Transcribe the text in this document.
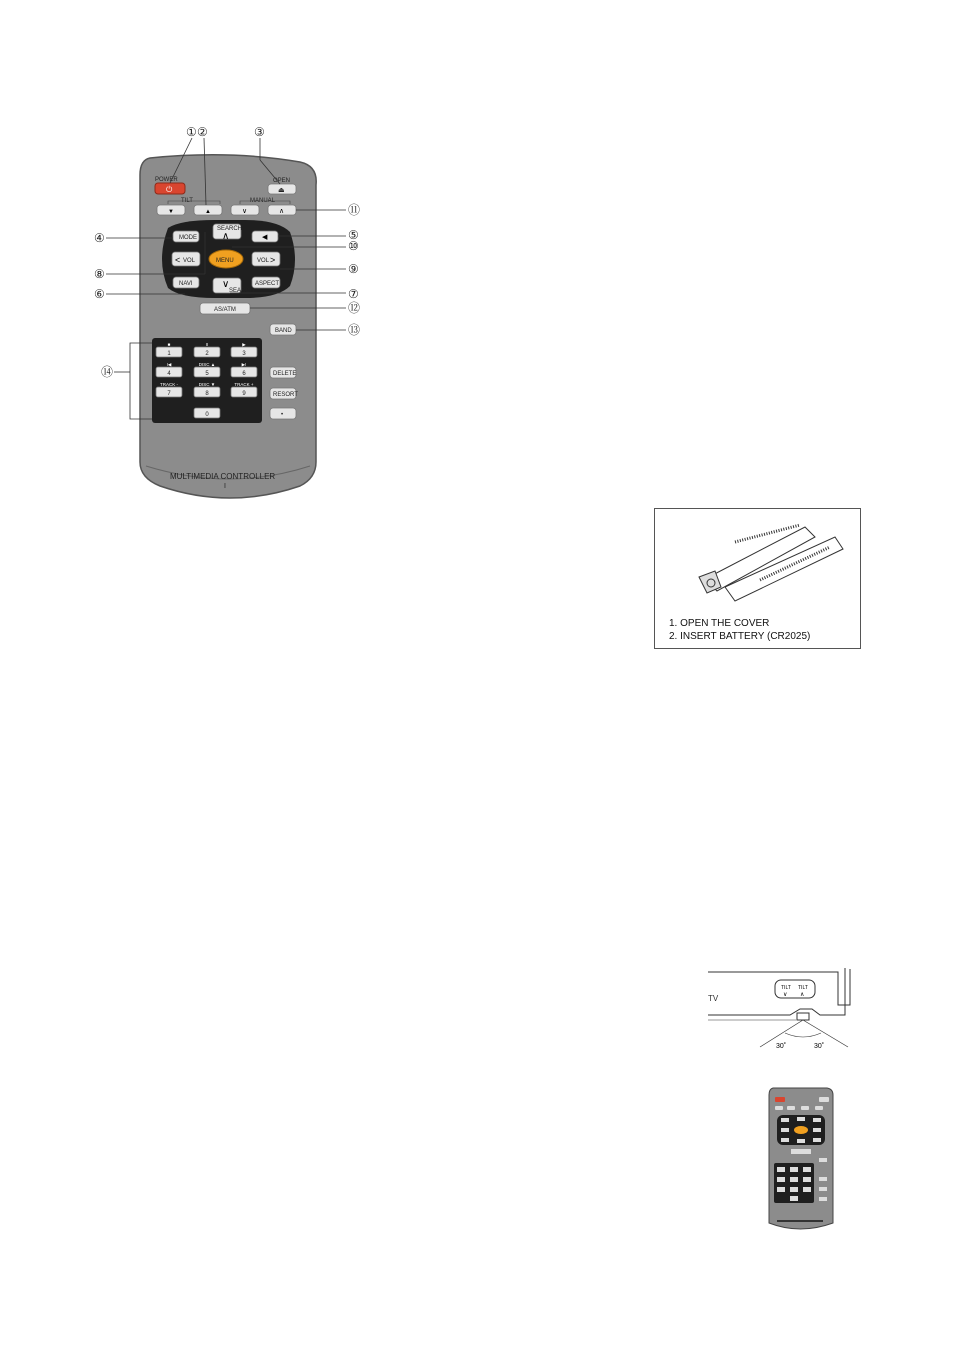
POWER
⏻
OPEN
⏏
TILT
▼	▲
MANUAL
∨	∧
MODE
SEARCH
∧	◀
< VOL	MENU	VOL >
NAVI	∨
SEARCH
ASPECT
AS/ATM
BAND
■
1
II
2
▶
3
I◀
4
DISC ▲
5
▶I
6
TRACK -
7
DISC ▼
8
TRACK +
9
0
DELETE
RESORT
•
MULTIMEDIA CONTROLLER
I
① ②	③
⑪
④	⑤
⑩
⑧	⑨
⑥	⑦
⑫
⑬
⑭
1. OPEN THE COVER
2. INSERT BATTERY (CR2025)
TV
TILT
∨
TILT
∧
30˚	30˚
